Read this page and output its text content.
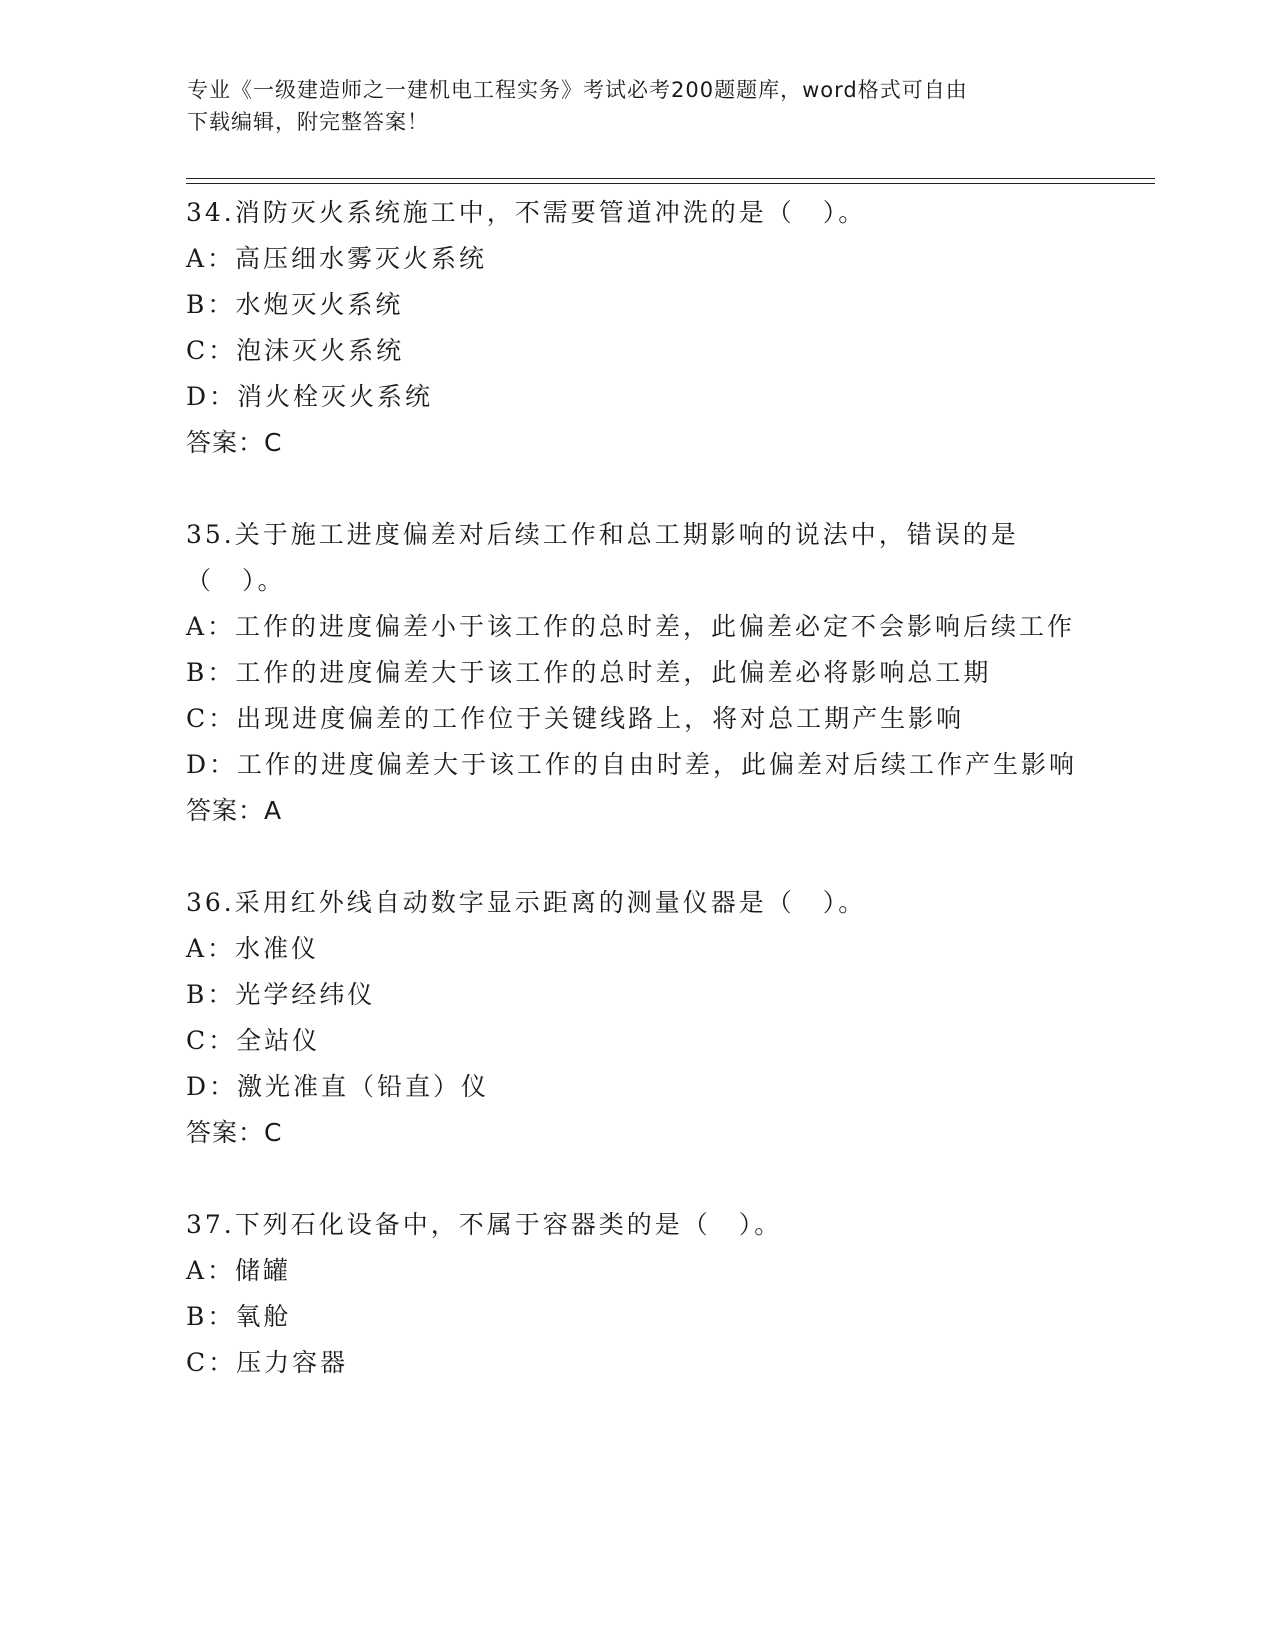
专业《一级建造师之一建机电工程实务》考试必考200题题库，word格式可自由
下载编辑，附完整答案！

34.消防灭火系统施工中，不需要管道冲洗的是（　）。

A：高压细水雾灭火系统

B：水炮灭火系统

C：泡沫灭火系统

D：消火栓灭火系统

答案：C

35.关于施工进度偏差对后续工作和总工期影响的说法中，错误的是（　）。

A：工作的进度偏差小于该工作的总时差，此偏差必定不会影响后续工作

B：工作的进度偏差大于该工作的总时差，此偏差必将影响总工期

C：出现进度偏差的工作位于关键线路上，将对总工期产生影响

D：工作的进度偏差大于该工作的自由时差，此偏差对后续工作产生影响

答案：A

36.采用红外线自动数字显示距离的测量仪器是（　）。

A：水准仪

B：光学经纬仪

C：全站仪

D：激光准直（铅直）仪

答案：C

37.下列石化设备中，不属于容器类的是（　）。

A：储罐

B：氧舱

C：压力容器
